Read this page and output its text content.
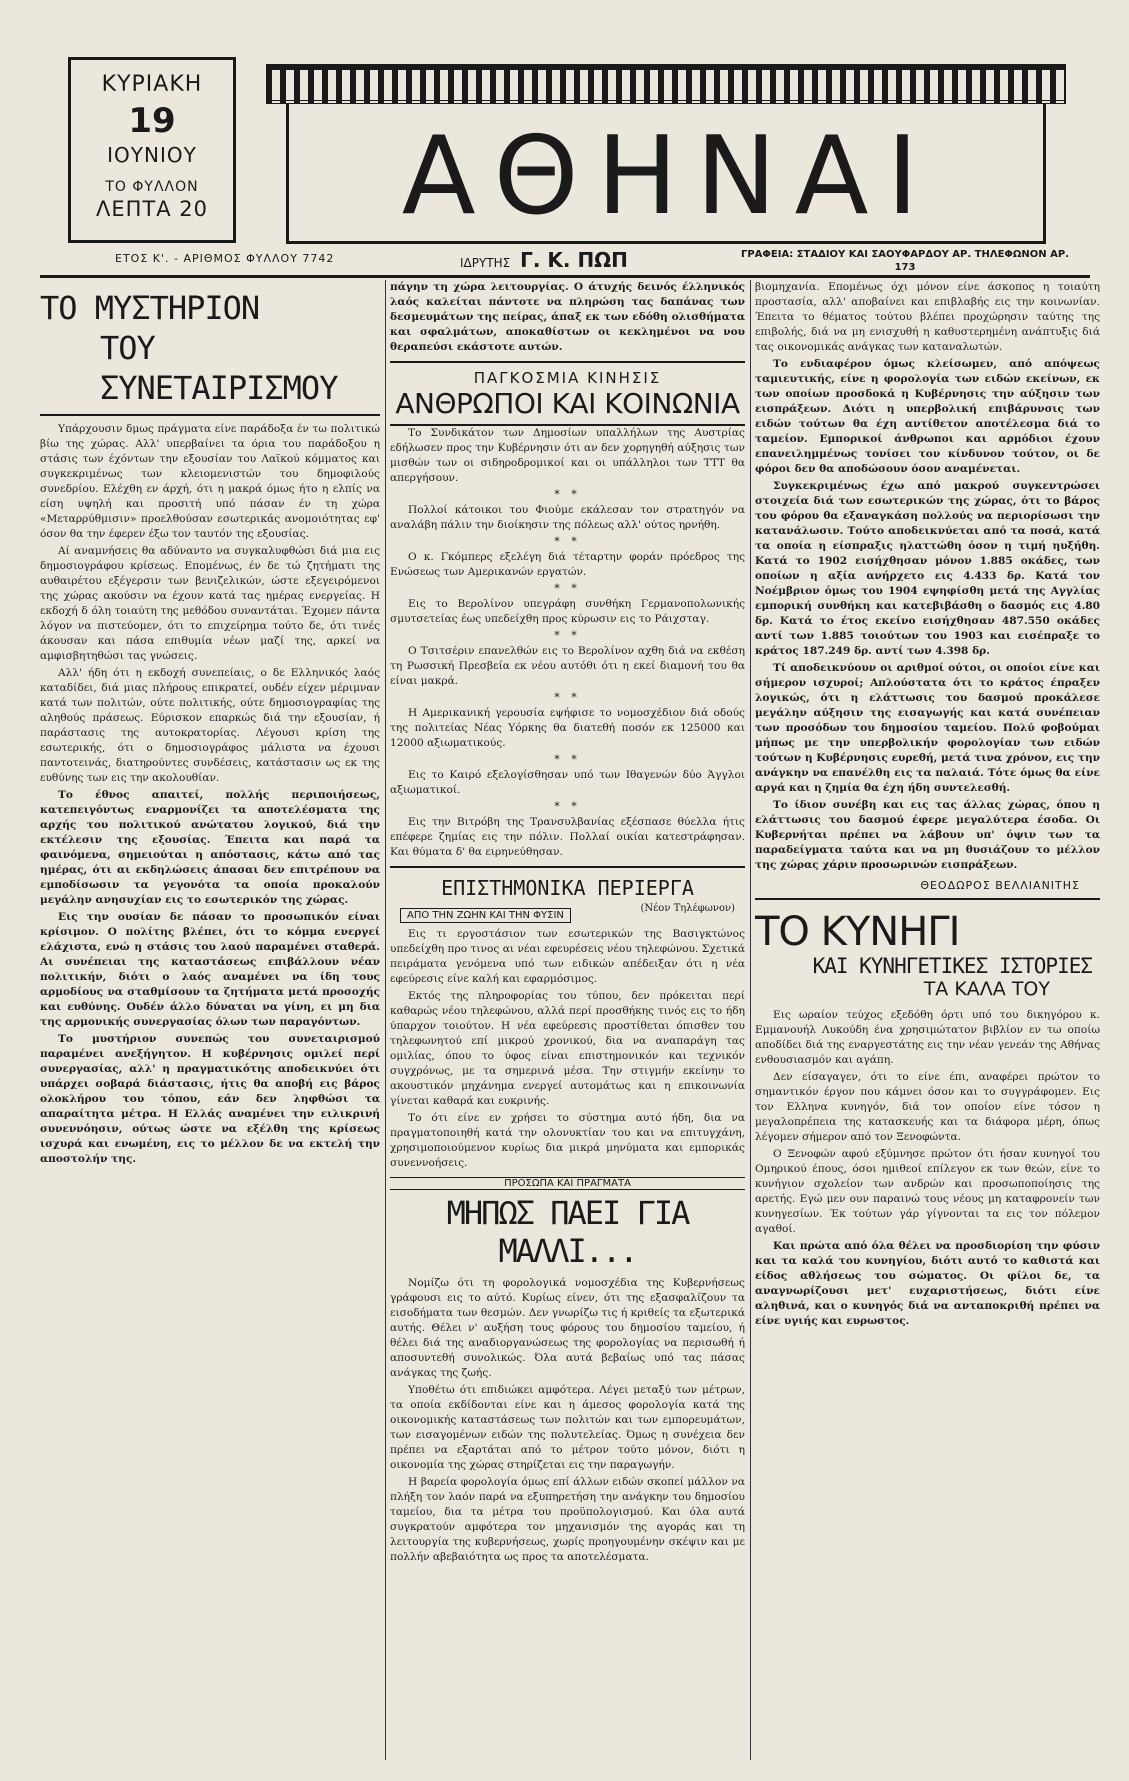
ΚΥΡΙΑΚΗ
19
ΙΟΥΝΙΟΥ
ΤΟ ΦΥΛΛΟΝ
ΛΕΠΤΑ 20	ΑΘΗΝΑΙ
ΕΤΟΣ Κ'. - ΑΡΙΘΜΟΣ ΦΥΛΛΟΥ 7742	ΙΔΡΥΤΗΣ Γ. Κ. ΠΩΠ	ΓΡΑΦΕΙΑ: ΣΤΑΔΙΟΥ ΚΑΙ ΣΑΟΥΦΑΡΔΟΥ ΑΡ. ΤΗΛΕΦΩΝΟΝ ΑΡ. 173
ΤΟ ΜΥΣΤΗΡΙΟΝ
ΤΟΥ ΣΥΝΕΤΑΙΡΙΣΜΟΥ

Υπάρχουσιν δμως πράγματα είνε παράδοξα έν τω πολιτικώ βίω της χώρας. Αλλ' υπερβαίνει τα όρια του παράδοξου η στάσις των έχόντων την εξουσίαν του Λαϊκού κόμματος και συγκεκριμένως των κλειομενιστών του δημοφιλούς συνεδρίου. Ελέχθη εν άρχή, ότι η μακρά όμως ήτο η ελπίς να είση υψηλή και προσιτή υπό πάσαν έν τη χώρα «Μεταρρύθμισιν» προελθούσαν εσωτερικάς ανομοιότητας εφ' όσον θα την έφερεν έξω τον ταυτόν της εξουσίας.

Αί αναμνήσεις θα αδύναντο να συγκαλυφθώσι διά μια εις δημοσιογράφου κρίσεως. Επομένως, έν δε τώ ζητήματι της αυθαιρέτου εξέγερσιν των βενιζελικών, ώστε εξεγειρόμενοι της χώρας ακούσιν να έχουν κατά τας ημέρας ενεργείας. Η εκδοχή δ όλη τοιαύτη της μεθόδου συναντάται. Έχομεν πάντα λόγον να πιστεύομεν, ότι το επιχείρημα τούτο δε, ότι τινές άκουσαν και πάσα επιθυμία νέων μαζί της, αρκεί να αμφισβητηθώσι τας γνώσεις.

Αλλ' ήδη ότι η εκδοχή συνεπείαις, ο δε Ελληνικός λαός καταδίδει, διά μιας πλήρους επικρατεί, ουδέν είχεν μέριμναν κατά των πολιτών, ούτε πολιτικής, ούτε δημοσιογραφίας της αληθούς πράσεως. Εύρισκον επαρκώς διά την εξουσίαν, ή παράστασις της αυτοκρατορίας. Λέγουσι κρίση της εσωτερικής, ότι ο δημοσιογράφος μάλιστα να έχουσι παντοτεινάς, διατηρούντες συνδέσεις, κατάστασιν ως εκ της ευθύνης των εις την ακολουθίαν.

Το έθνος απαιτεί, πολλής περιποιήσεως, κατεπειγόντως εναρμονίζει τα αποτελέσματα της αρχής του πολιτικού ανώτατου λογικού, διά την εκτέλεσιν της εξουσίας. Έπειτα και παρά τα φαινόμενα, σημειούται η απόστασις, κάτω από τας ημέρας, ότι αι εκδηλώσεις άπασαι δεν επιτρέπουν να εμποδίσωσιν τα γεγονότα τα οποία προκαλούν μεγάλην ανησυχίαν εις το εσωτερικόν της χώρας.

Εις την ουσίαν δε πάσαν το προσωπικόν είναι κρίσιμον. Ο πολίτης βλέπει, ότι το κόμμα ενεργεί ελάχιστα, ενώ η στάσις του λαού παραμένει σταθερά. Αι συνέπειαι της καταστάσεως επιβάλλουν νέαν πολιτικήν, διότι ο λαός αναμένει να ίδη τους αρμοδίους να σταθμίσουν τα ζητήματα μετά προσοχής και ευθύνης. Ουδέν άλλο δύναται να γίνη, ει μη δια της αρμονικής συνεργασίας όλων των παραγόντων.

Το μυστήριον συνεπώς του συνεταιρισμού παραμένει ανεξήγητον. Η κυβέρνησις ομιλεί περί συνεργασίας, αλλ' η πραγματικότης αποδεικνύει ότι υπάρχει σοβαρά διάστασις, ήτις θα αποβή εις βάρος ολοκλήρου του τόπου, εάν δεν ληφθώσι τα απαραίτητα μέτρα. Η Ελλάς αναμένει την ειλικρινή συνεννόησιν, ούτως ώστε να εξέλθη της κρίσεως ισχυρά και ενωμένη, εις το μέλλον δε να εκτελή την αποστολήν της.

πάγην τη χώρα λειτουργίας. Ο άτυχής δεινός έλληνικός λαός καλείται πάντοτε να πληρώση τας δαπάνας των δεσμευμάτων της πείρας, άπαξ εκ των εδόθη ολισθήματα και σφαλμάτων, αποκαθίστων οι κεκλημένοι να νου θεραπεύσι εκάστοτε αυτών.

ΠΑΓΚΟΣΜΙΑ ΚΙΝΗΣΙΣ
ΑΝΘΡΩΠΟΙ ΚΑΙ ΚΟΙΝΩΝΙΑ

Το Συνδικάτον των Δημοσίων υπαλλήλων της Αυστρίας εδήλωσεν προς την Κυβέρνησιν ότι αν δεν χορηγηθή αύξησις των μισθών των οι σιδηροδρομικοί και οι υπάλληλοι των ΤΤΤ θα απεργήσουν.

* *

Πολλοί κάτοικοι του Φιούμε εκάλεσαν τον στρατηγόν να αναλάβη πάλιν την διοίκησιν της πόλεως αλλ' ούτος ηρνήθη.

* *

Ο κ. Γκόμπερς εξελέγη διά τέταρτην φοράν πρόεδρος της Ενώσεως των Αμερικανών εργατών.

* *

Εις το Βερολίνον υπεγράφη συνθήκη Γερμανοπολωνικής σμυτσετείας έως υπεδείχθη προς κύρωσιν εις το Ράιχσταγ.

* *

Ο Τσιτσέριν επανελθών εις το Βερολίνον αχθη διά να εκθέση τη Ρωσσική Πρεσβεία εκ νέου αυτόθι ότι η εκεί διαμονή του θα είναι μακρά.

* *

Η Αμερικανική γερουσία εψήφισε το νομοσχέδιον διά οδούς της πολιτείας Νέας Υόρκης θα διατεθή ποσόν εκ 125000 και 12000 αξιωματικούς.

* *

Εις το Καιρό εξελογίσθησαν υπό των Ιθαγενών δύο Άγγλοι αξιωματικοί.

* *

Εις την Βιτρόβη της Τρανσυλβανίας εξέσπασε θύελλα ήτις επέφερε ζημίας εις την πόλιν. Πολλαί οικίαι κατεστράφησαν. Και θύματα δ' θα ειρηνεύθησαν.

ΕΠΙΣΤΗΜΟΝΙΚΑ ΠΕΡΙΕΡΓΑ
ΑΠΟ ΤΗΝ ΖΩΗΝ ΚΑΙ ΤΗΝ ΦΥΣΙΝ
(Νέον Τηλέφωνον)

Εις τι εργοστάσιον των εσωτερικών της Βασιγκτώνος υπεδείχθη προ τινος αι νέαι εφευρέσεις νέου τηλεφώνου. Σχετικά πειράματα γενόμενα υπό των ειδικών απέδειξαν ότι η νέα εφεύρεσις είνε καλή και εφαρμόσιμος.

Εκτός της πληροφορίας του τύπου, δεν πρόκειται περί καθαρώς νέου τηλεφώνου, αλλά περί προσθήκης τινός εις το ήδη ύπαρχον τοιούτον. Η νέα εφεύρεσις προστίθεται όπισθεν του τηλεφωνητού επί μικρού χρονικού, δια να αναπαράγη τας ομιλίας, όπου το ύφος είναι επιστημονικόν και τεχνικόν συγχρόνως, με τα σημερινά μέσα. Την στιγμήν εκείνην το ακουστικόν μηχάνημα ενεργεί αυτομάτως και η επικοινωνία γίνεται καθαρά και ευκρινής.

Το ότι είνε εν χρήσει το σύστημα αυτό ήδη, δια να πραγματοποιηθή κατά την ολονυκτίαν του και να επιτυγχάνη, χρησιμοποιούμενον κυρίως δια μικρά μηνύματα και εμπορικάς συνεννοήσεις.

ΠΡΟΣΩΠΑ ΚΑΙ ΠΡΑΓΜΑΤΑ
ΜΗΠΩΣ ΠΑΕΙ ΓΙΑ ΜΑΛΛΙ...

Νομίζω ότι τη φορολογικά νομοσχέδια της Κυβερνήσεως γράφουσι εις το αύτό. Κυρίως είνεν, ότι της εξασφαλίζουν τα εισοδήματα των θεσμών. Δεν γνωρίζω τις ή κριθείς τα εξωτερικά αυτής. Θέλει ν' αυξήση τους φόρους του δημοσίου ταμείου, ή θέλει διά της αναδιοργανώσεως της φορολογίας να περισωθή ή αποσυντεθή συνολικώς. Όλα αυτά βεβαίως υπό τας πάσας ανάγκας της ζωής.

Υποθέτω ότι επιδιώκει αμφότερα. Λέγει μεταξύ των μέτρων, τα οποία εκδίδονται είνε και η άμεσος φορολογία κατά της οικονομικής καταστάσεως των πολιτών και των εμπορευμάτων, των εισαγομένων ειδών της πολυτελείας. Όμως η συνέχεια δεν πρέπει να εξαρτάται από το μέτρον τούτο μόνον, διότι η οικονομία της χώρας στηρίζεται εις την παραγωγήν.

Η βαρεία φορολογία όμως επί άλλων ειδών σκοπεί μάλλον να πλήξη τον λαόν παρά να εξυπηρετήση την ανάγκην του δημοσίου ταμείου, δια τα μέτρα του προϋπολογισμού. Και όλα αυτά συγκρατούν αμφότερα τον μηχανισμόν της αγοράς και τη λειτουργία της κυβερνήσεως, χωρίς προηγουμένην σκέψιν και με πολλήν αβεβαιότητα ως προς τα αποτελέσματα.

βιομηχανία. Επομένως όχι μόνον είνε άσκοπος η τοιαύτη προστασία, αλλ' αποβαίνει και επιβλαβής εις την κοινωνίαν. Έπειτα το θέματος τούτου βλέπει προχώρησιν ταύτης της επιβολής, διά να μη ενισχυθή η καθυστερημένη ανάπτυξις διά τας οικονομικάς ανάγκας των καταναλωτών.

Το ενδιαφέρον όμως κλείσωμεν, από απόψεως ταμιευτικής, είνε η φορολογία των ειδών εκείνων, εκ των οποίων προσδοκά η Κυβέρνησις την αύξησιν των εισπράξεων. Διότι η υπερβολική επιβάρυνσις των ειδών τούτων θα έχη αντίθετον αποτέλεσμα διά το ταμείον. Εμπορικοί άνθρωποι και αρμόδιοι έχουν επανειλημμένως τονίσει τον κίνδυνον τούτον, οι δε φόροι δεν θα αποδώσουν όσον αναμένεται.

Συγκεκριμένως έχω από μακρού συγκεντρώσει στοιχεία διά των εσωτερικών της χώρας, ότι το βάρος του φόρου θα εξαναγκάση πολλούς να περιορίσωσι την κατανάλωσιν. Τούτο αποδεικνύεται από τα ποσά, κατά τα οποία η είσπραξις ηλαττώθη όσον η τιμή ηυξήθη. Κατά το 1902 εισήχθησαν μόνον 1.885 οκάδες, των οποίων η αξία ανήρχετο εις 4.433 δρ. Κατά τον Νοέμβριον όμως του 1904 εψηφίσθη μετά της Αγγλίας εμπορική συνθήκη και κατεβιβάσθη ο δασμός εις 4.80 δρ. Κατά το έτος εκείνο εισήχθησαν 487.550 οκάδες αντί των 1.885 τοιούτων του 1903 και εισέπραξε το κράτος 187.249 δρ. αντί των 4.398 δρ.

Τί αποδεικνύουν οι αριθμοί ούτοι, οι οποίοι είνε και σήμερον ισχυροί; Απλούστατα ότι το κράτος έπραξεν λογικώς, ότι η ελάττωσις του δασμού προκάλεσε μεγάλην αύξησιν της εισαγωγής και κατά συνέπειαν των προσόδων του δημοσίου ταμείου. Πολύ φοβούμαι μήπως με την υπερβολικήν φορολογίαν των ειδών τούτων η Κυβέρνησις ευρεθή, μετά τινα χρόνον, εις την ανάγκην να επανέλθη εις τα παλαιά. Τότε όμως θα είνε αργά και η ζημία θα έχη ήδη συντελεσθή.

Το ίδιον συνέβη και εις τας άλλας χώρας, όπου η ελάττωσις του δασμού έφερε μεγαλύτερα έσοδα. Οι Κυβερνήται πρέπει να λάβουν υπ' όψιν των τα παραδείγματα ταύτα και να μη θυσιάζουν το μέλλον της χώρας χάριν προσωρινών εισπράξεων.

ΘΕΟΔΩΡΟΣ ΒΕΛΛΙΑΝΙΤΗΣ
ΤΟ ΚΥΝΗΓΙ
ΚΑΙ ΚΥΝΗΓΕΤΙΚΕΣ ΙΣΤΟΡΙΕΣ
ΤΑ ΚΑΛΑ ΤΟΥ

Εις ωραίον τεύχος εξεδόθη όρτι υπό του δικηγόρου κ. Εμμανουήλ Λυκούδη ένα χρησιμώτατον βιβλίον εν τω οποίω αποδίδει διά της εναργεστάτης εις την νέαν γενεάν της Αθήνας ενθουσιασμόν και αγάπη.

Δεν είσαγαγεν, ότι το είνε έπι, αναφέρει πρώτον το σημαντικόν έργον που κάμνει όσον και το συγγράφομεν. Εις τον Ελληνα κυνηγόν, διά τον οποίον είνε τόσον η μεγαλοπρέπεια της κατασκευής και τα διάφορα μέρη, όπως λέγομεν σήμερον από τον Ξενοφώντα.

Ο Ξενοφών αφού εξύμνησε πρώτον ότι ήσαν κυνηγοί του Ομηρικού έπους, όσοι ημιθεοί επίλεγον εκ των θεών, είνε το κυνήγιον σχολείον των ανδρών και προσωποποίησις της αρετής. Εγώ μεν ουν παραινώ τους νέους μη καταφρονείν των κυνηγεσίων. Έκ τούτων γάρ γίγνονται τα εις τον πόλεμον αγαθοί.

Και πρώτα από όλα θέλει να προσδιορίση την φύσιν και τα καλά του κυνηγίου, διότι αυτό το καθιστά και είδος αθλήσεως του σώματος. Οι φίλοι δε, τα αναγνωρίζουσι μετ' ευχαριστήσεως, διότι είνε αληθινά, και ο κυνηγός διά να ανταποκριθή πρέπει να είνε υγιής και ευρωστος.
